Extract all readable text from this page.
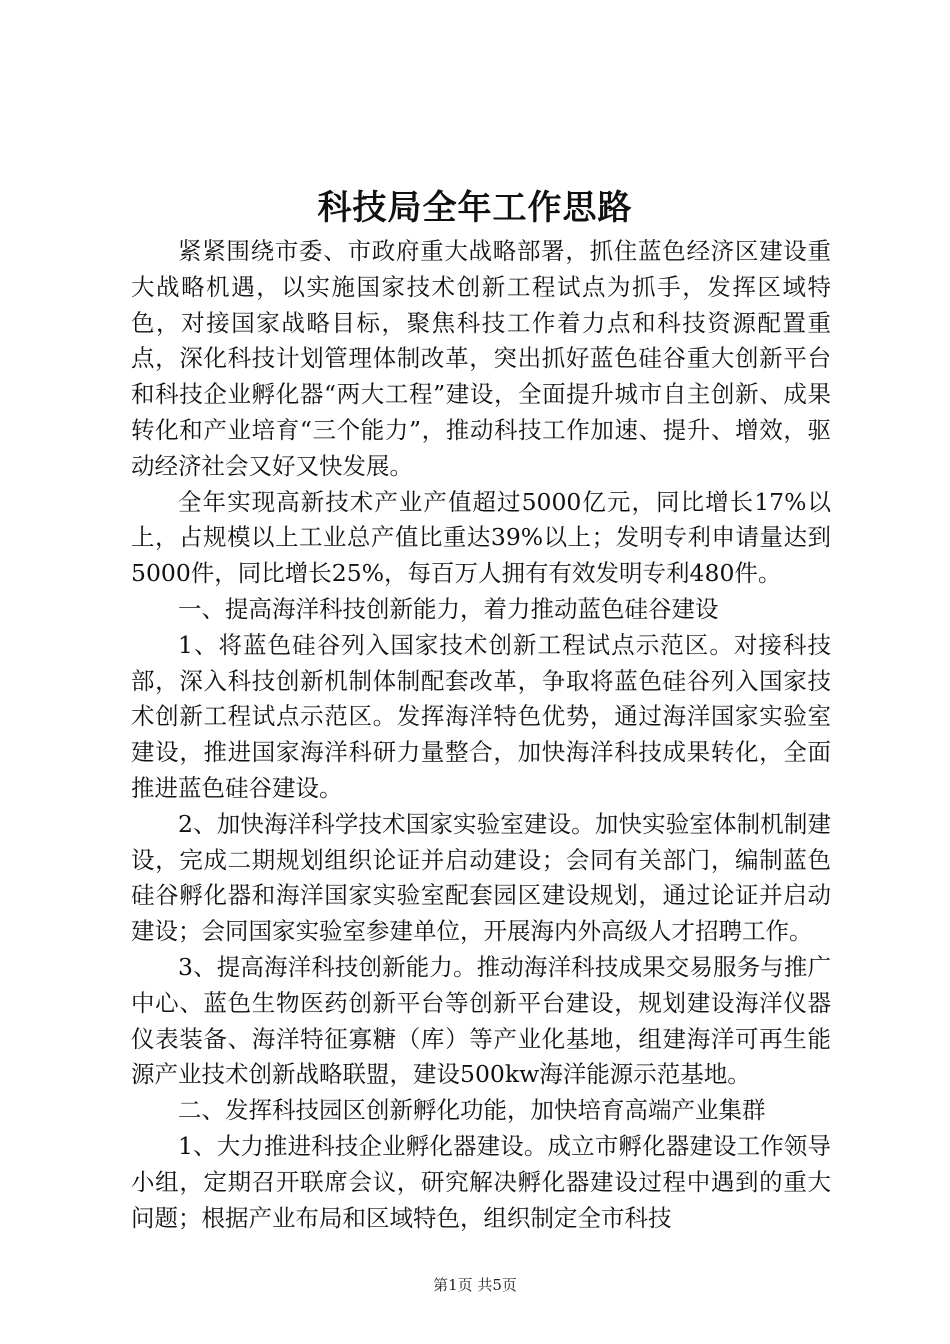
科技局全年工作思路

紧紧围绕市委、市政府重大战略部署，抓住蓝色经济区建设重大战略机遇，以实施国家技术创新工程试点为抓手，发挥区域特色，对接国家战略目标，聚焦科技工作着力点和科技资源配置重点，深化科技计划管理体制改革，突出抓好蓝色硅谷重大创新平台和科技企业孵化器“两大工程”建设，全面提升城市自主创新、成果转化和产业培育“三个能力”，推动科技工作加速、提升、增效，驱动经济社会又好又快发展。

全年实现高新技术产业产值超过5000亿元，同比增长17%以上，占规模以上工业总产值比重达39%以上；发明专利申请量达到5000件，同比增长25%，每百万人拥有有效发明专利480件。

一、提高海洋科技创新能力，着力推动蓝色硅谷建设

1、将蓝色硅谷列入国家技术创新工程试点示范区。对接科技部，深入科技创新机制体制配套改革，争取将蓝色硅谷列入国家技术创新工程试点示范区。发挥海洋特色优势，通过海洋国家实验室建设，推进国家海洋科研力量整合，加快海洋科技成果转化，全面推进蓝色硅谷建设。

2、加快海洋科学技术国家实验室建设。加快实验室体制机制建设，完成二期规划组织论证并启动建设；会同有关部门，编制蓝色硅谷孵化器和海洋国家实验室配套园区建设规划，通过论证并启动建设；会同国家实验室参建单位，开展海内外高级人才招聘工作。

3、提高海洋科技创新能力。推动海洋科技成果交易服务与推广中心、蓝色生物医药创新平台等创新平台建设，规划建设海洋仪器仪表装备、海洋特征寡糖（库）等产业化基地，组建海洋可再生能源产业技术创新战略联盟，建设500kw海洋能源示范基地。

二、发挥科技园区创新孵化功能，加快培育高端产业集群

1、大力推进科技企业孵化器建设。成立市孵化器建设工作领导小组，定期召开联席会议，研究解决孵化器建设过程中遇到的重大问题；根据产业布局和区域特色，组织制定全市科技

第1页 共5页
